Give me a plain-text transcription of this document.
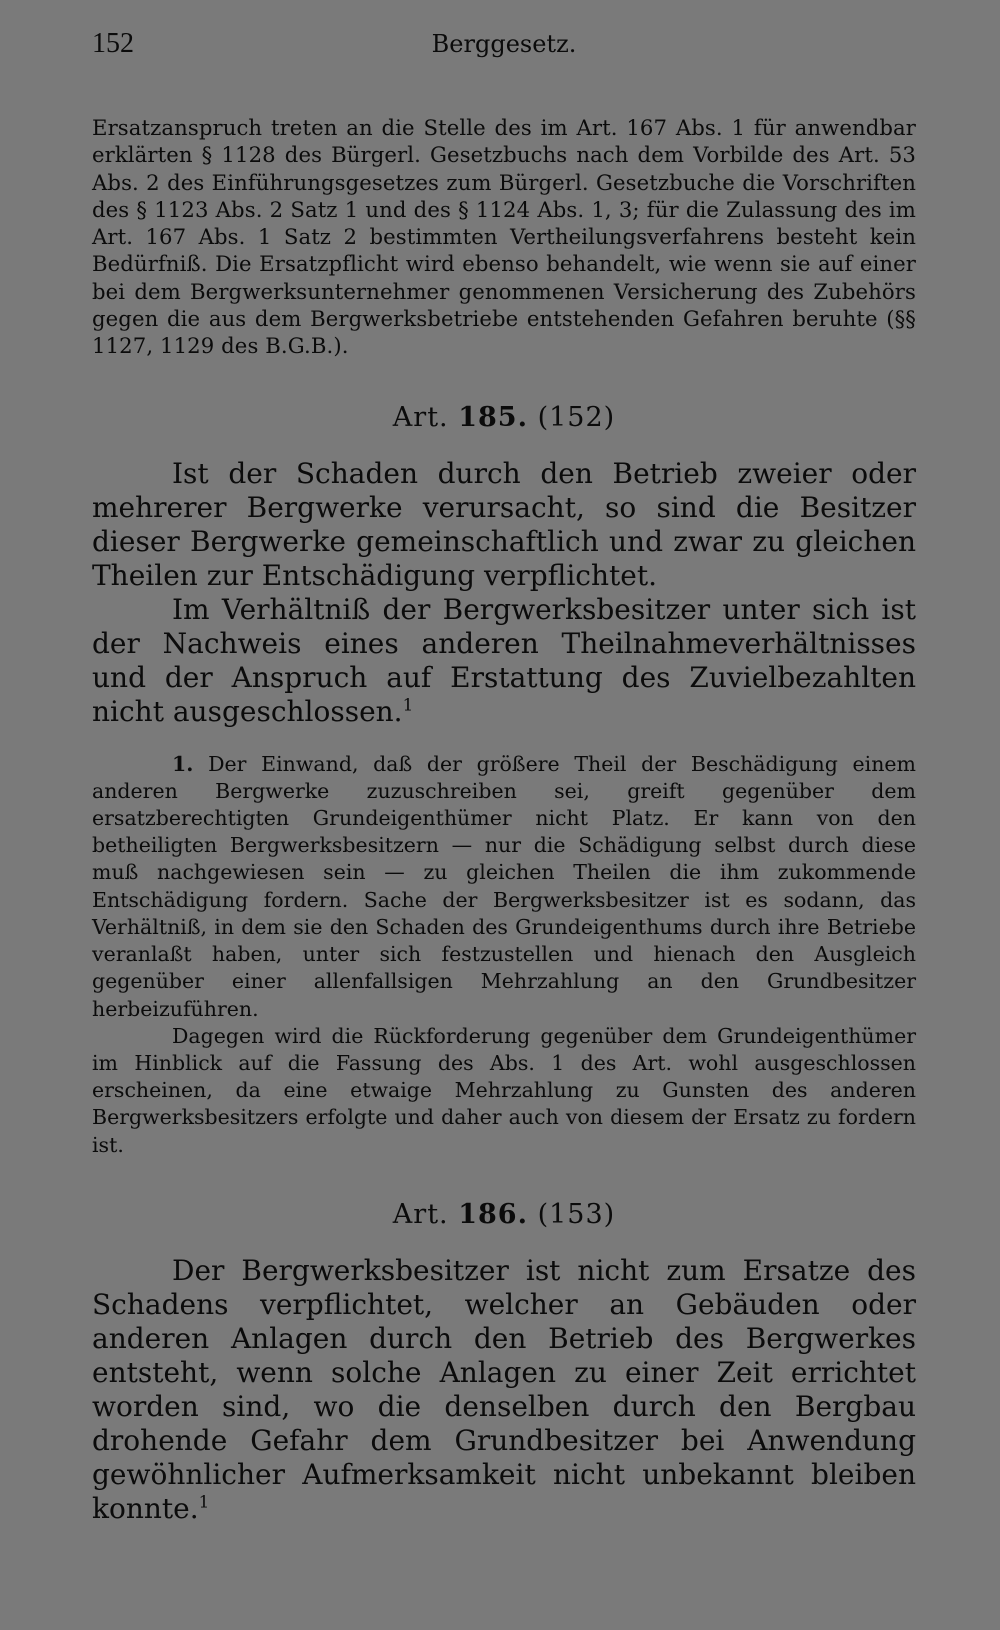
152	Berggesetz.

Ersatzanspruch treten an die Stelle des im Art. 167 Abs. 1 für anwendbar erklärten § 1128 des Bürgerl. Gesetzbuchs nach dem Vorbilde des Art. 53 Abs. 2 des Einführungsgesetzes zum Bürgerl. Gesetzbuche die Vorschriften des § 1123 Abs. 2 Satz 1 und des § 1124 Abs. 1, 3; für die Zulassung des im Art. 167 Abs. 1 Satz 2 bestimmten Vertheilungsverfahrens besteht kein Bedürfniß. Die Ersatzpflicht wird ebenso behandelt, wie wenn sie auf einer bei dem Bergwerksunternehmer genommenen Versicherung des Zubehörs gegen die aus dem Bergwerksbetriebe entstehenden Gefahren beruhte (§§ 1127, 1129 des B.G.B.).

Art. 185. (152)

Ist der Schaden durch den Betrieb zweier oder mehrerer Bergwerke verursacht, so sind die Besitzer dieser Bergwerke gemeinschaftlich und zwar zu gleichen Theilen zur Entschädigung verpflichtet.

Im Verhältniß der Bergwerksbesitzer unter sich ist der Nachweis eines anderen Theilnahmeverhältnisses und der Anspruch auf Erstattung des Zuvielbezahlten nicht ausgeschlossen.$^1$

1. Der Einwand, daß der größere Theil der Beschädigung einem anderen Bergwerke zuzuschreiben sei, greift gegenüber dem ersatzberechtigten Grundeigenthümer nicht Platz. Er kann von den betheiligten Bergwerksbesitzern — nur die Schädigung selbst durch diese muß nachgewiesen sein — zu gleichen Theilen die ihm zukommende Entschädigung fordern. Sache der Bergwerksbesitzer ist es sodann, das Verhältniß, in dem sie den Schaden des Grundeigenthums durch ihre Betriebe veranlaßt haben, unter sich festzustellen und hienach den Ausgleich gegenüber einer allenfallsigen Mehrzahlung an den Grundbesitzer herbeizuführen.

Dagegen wird die Rückforderung gegenüber dem Grundeigenthümer im Hinblick auf die Fassung des Abs. 1 des Art. wohl ausgeschlossen erscheinen, da eine etwaige Mehrzahlung zu Gunsten des anderen Bergwerksbesitzers erfolgte und daher auch von diesem der Ersatz zu fordern ist.

Art. 186. (153)

Der Bergwerksbesitzer ist nicht zum Ersatze des Schadens verpflichtet, welcher an Gebäuden oder anderen Anlagen durch den Betrieb des Bergwerkes entsteht, wenn solche Anlagen zu einer Zeit errichtet worden sind, wo die denselben durch den Bergbau drohende Gefahr dem Grundbesitzer bei Anwendung gewöhnlicher Aufmerksamkeit nicht unbekannt bleiben konnte.$^1$
